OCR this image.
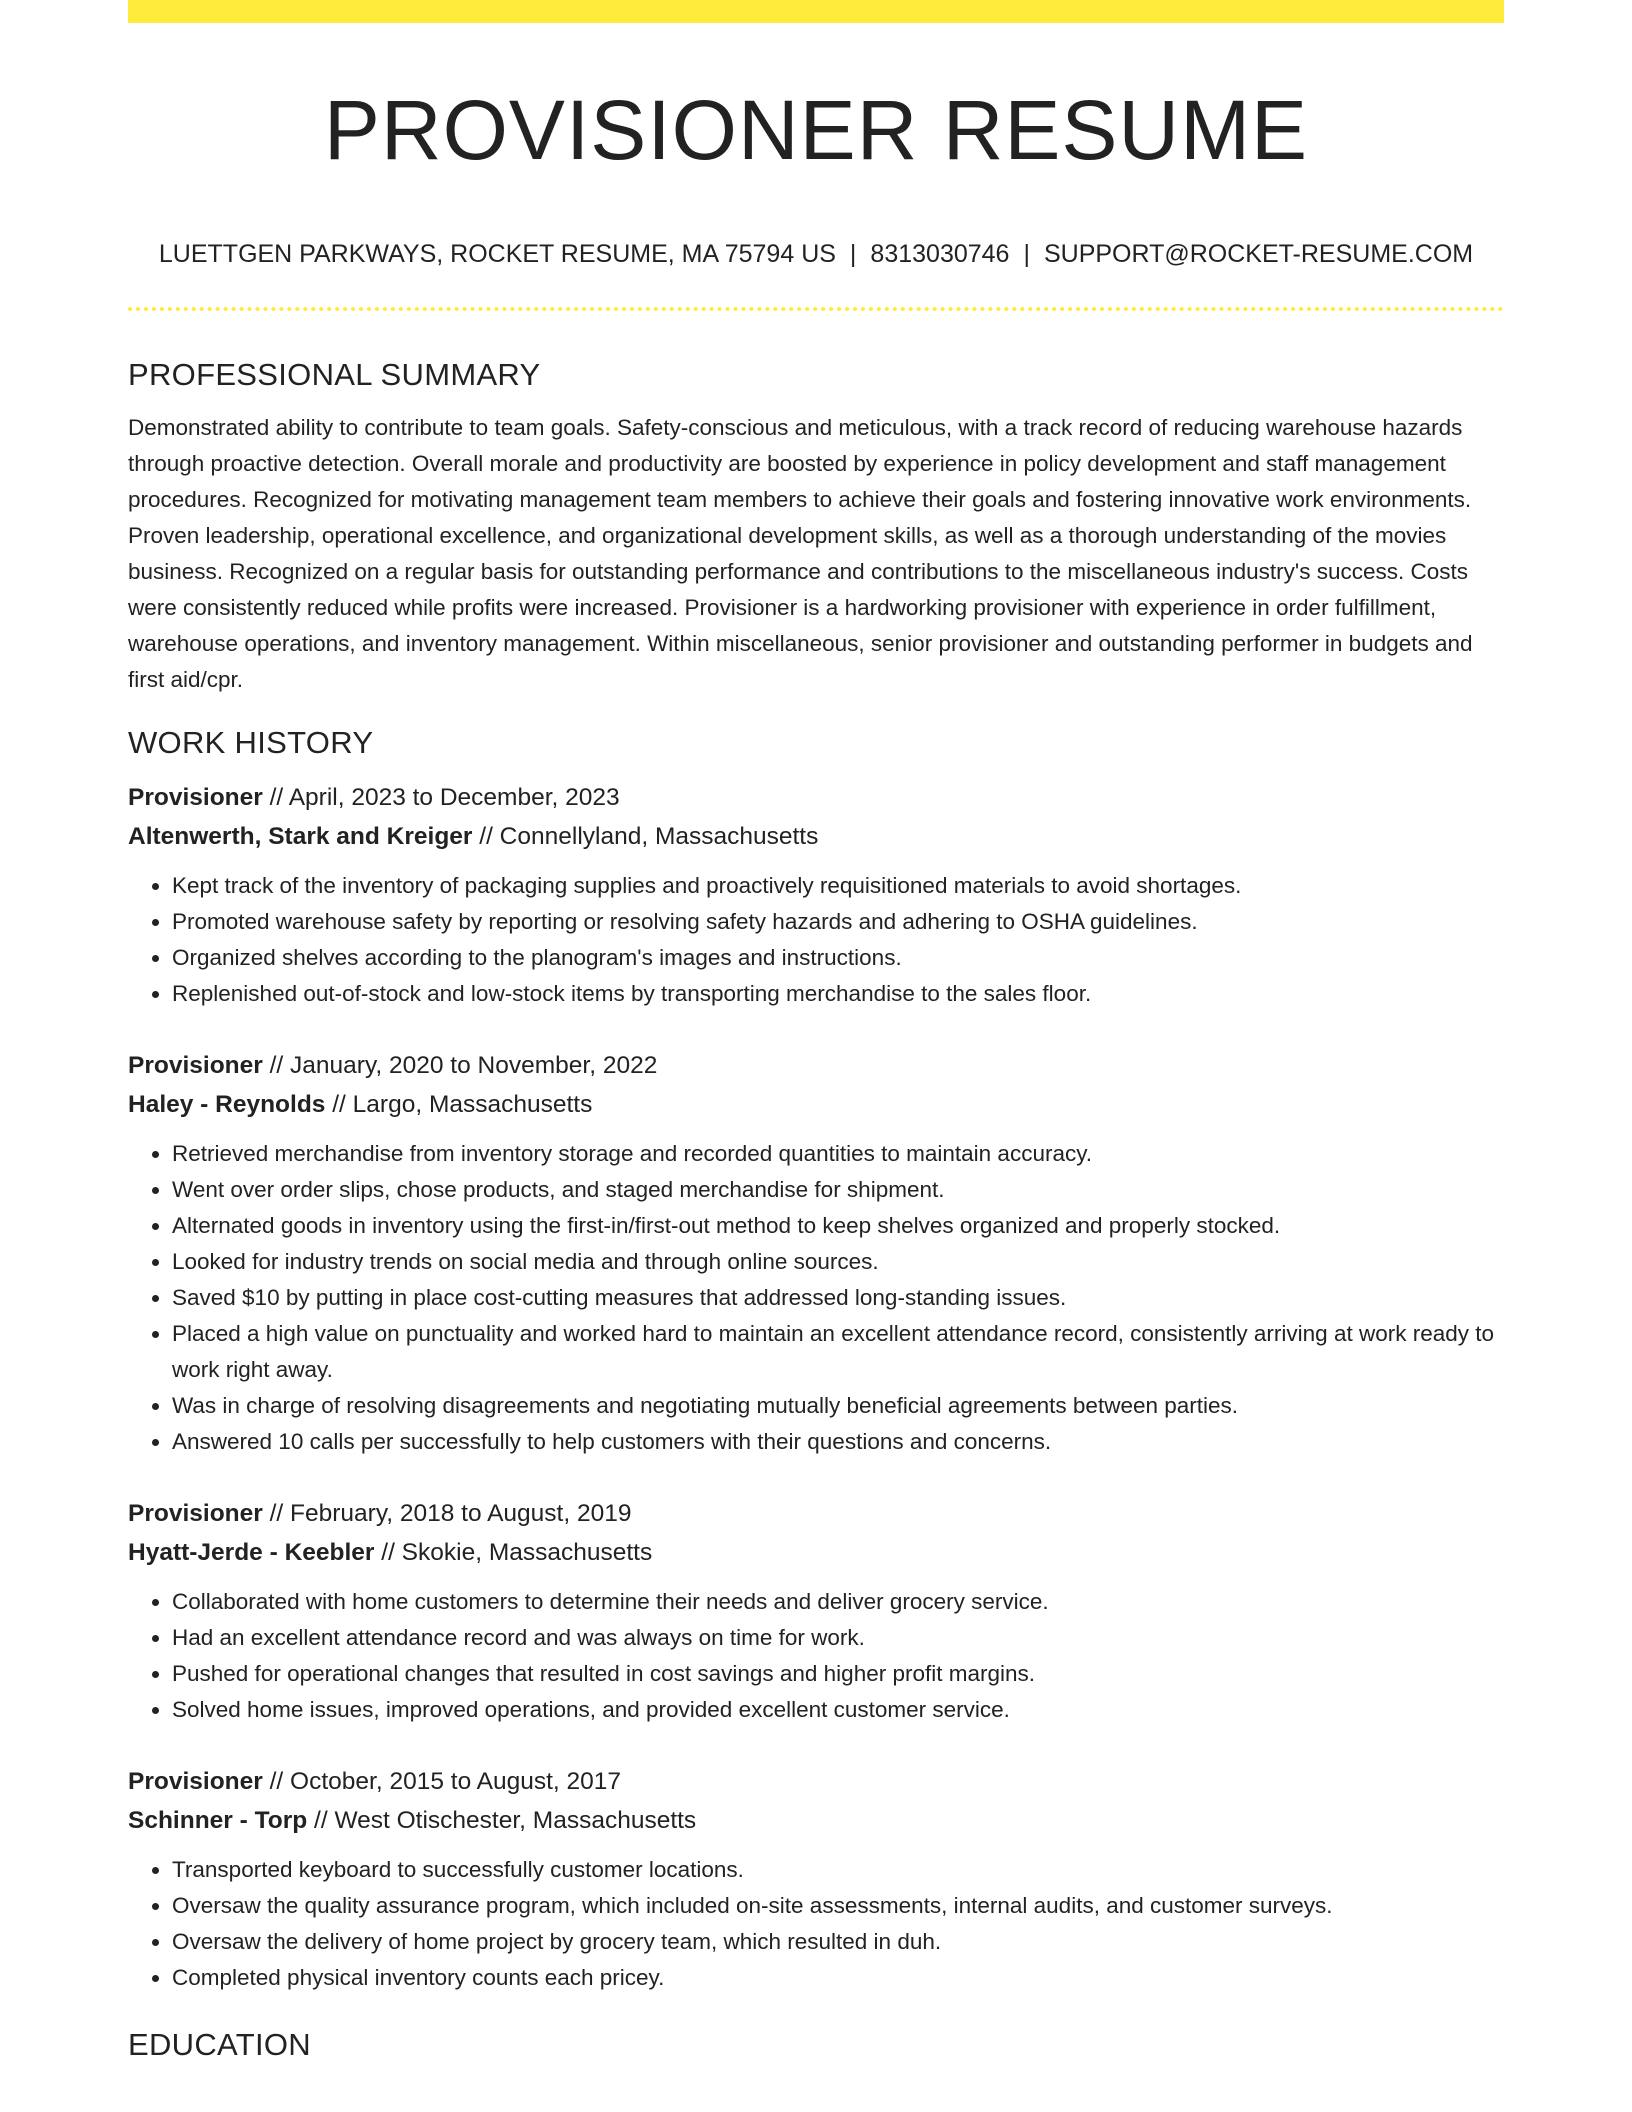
PROVISIONER RESUME
LUETTGEN PARKWAYS, ROCKET RESUME, MA 75794 US | 8313030746 | SUPPORT@ROCKET-RESUME.COM
PROFESSIONAL SUMMARY

Demonstrated ability to contribute to team goals. Safety-conscious and meticulous, with a track record of reducing warehouse hazards through proactive detection. Overall morale and productivity are boosted by experience in policy development and staff management procedures. Recognized for motivating management team members to achieve their goals and fostering innovative work environments. Proven leadership, operational excellence, and organizational development skills, as well as a thorough understanding of the movies business. Recognized on a regular basis for outstanding performance and contributions to the miscellaneous industry's success. Costs were consistently reduced while profits were increased. Provisioner is a hardworking provisioner with experience in order fulfillment, warehouse operations, and inventory management. Within miscellaneous, senior provisioner and outstanding performer in budgets and first aid/cpr.

WORK HISTORY
Provisioner // April, 2023 to December, 2023
Altenwerth, Stark and Kreiger // Connellyland, Massachusetts
• Kept track of the inventory of packaging supplies and proactively requisitioned materials to avoid shortages.
• Promoted warehouse safety by reporting or resolving safety hazards and adhering to OSHA guidelines.
• Organized shelves according to the planogram's images and instructions.
• Replenished out-of-stock and low-stock items by transporting merchandise to the sales floor.
Provisioner // January, 2020 to November, 2022
Haley - Reynolds // Largo, Massachusetts
• Retrieved merchandise from inventory storage and recorded quantities to maintain accuracy.
• Went over order slips, chose products, and staged merchandise for shipment.
• Alternated goods in inventory using the first-in/first-out method to keep shelves organized and properly stocked.
• Looked for industry trends on social media and through online sources.
• Saved $10 by putting in place cost-cutting measures that addressed long-standing issues.
• Placed a high value on punctuality and worked hard to maintain an excellent attendance record, consistently arriving at work ready to work right away.
• Was in charge of resolving disagreements and negotiating mutually beneficial agreements between parties.
• Answered 10 calls per successfully to help customers with their questions and concerns.
Provisioner // February, 2018 to August, 2019
Hyatt-Jerde - Keebler // Skokie, Massachusetts
• Collaborated with home customers to determine their needs and deliver grocery service.
• Had an excellent attendance record and was always on time for work.
• Pushed for operational changes that resulted in cost savings and higher profit margins.
• Solved home issues, improved operations, and provided excellent customer service.
Provisioner // October, 2015 to August, 2017
Schinner - Torp // West Otischester, Massachusetts
• Transported keyboard to successfully customer locations.
• Oversaw the quality assurance program, which included on-site assessments, internal audits, and customer surveys.
• Oversaw the delivery of home project by grocery team, which resulted in duh.
• Completed physical inventory counts each pricey.
EDUCATION
